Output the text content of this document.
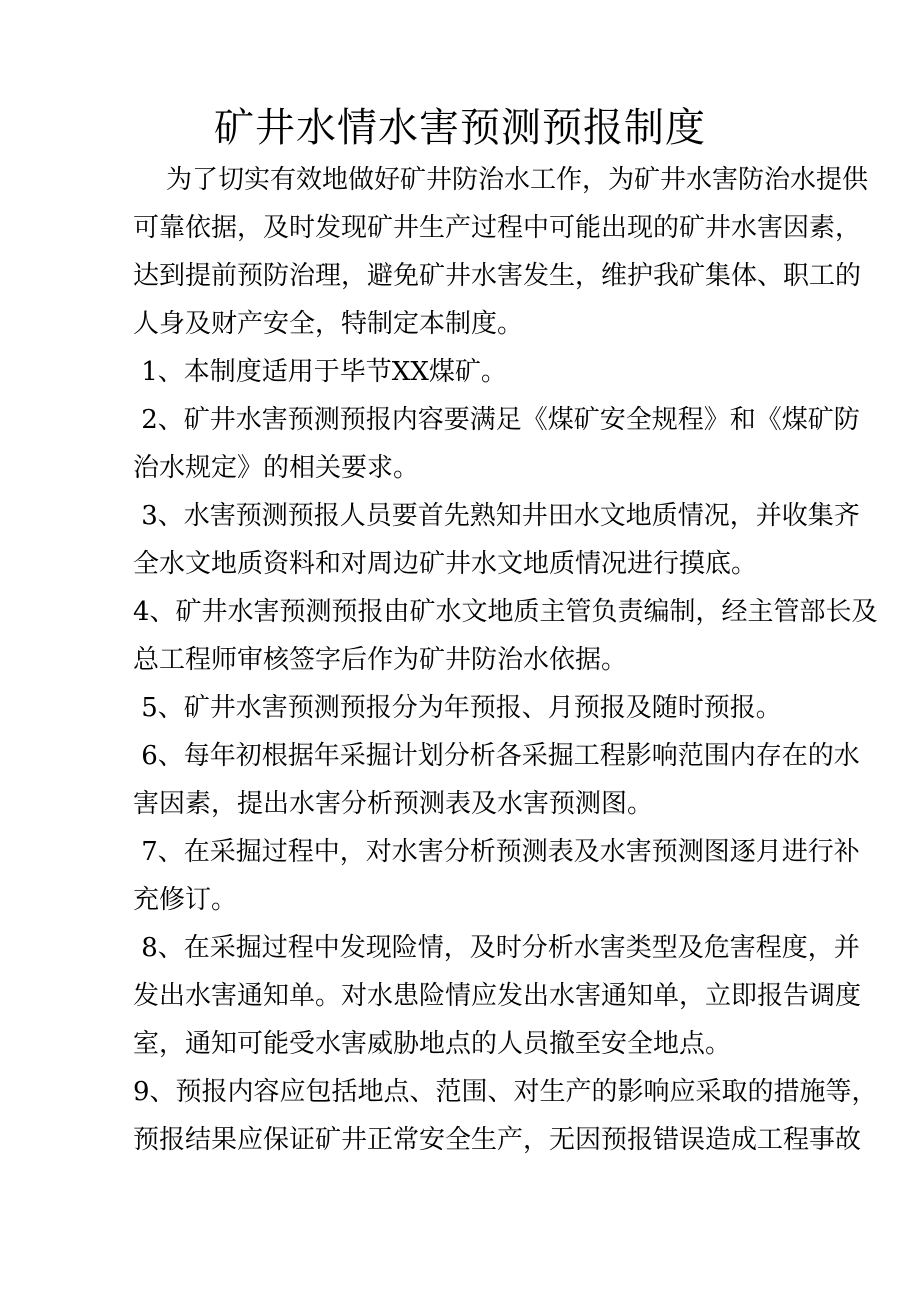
矿井水情水害预测预报制度
为了切实有效地做好矿井防治水工作，为矿井水害防治水提供
可靠依据，及时发现矿井生产过程中可能出现的矿井水害因素，
达到提前预防治理，避免矿井水害发生，维护我矿集体、职工的
人身及财产安全，特制定本制度。
1、本制度适用于毕节XX煤矿。
2、矿井水害预测预报内容要满足《煤矿安全规程》和《煤矿防
治水规定》的相关要求。
3、水害预测预报人员要首先熟知井田水文地质情况，并收集齐
全水文地质资料和对周边矿井水文地质情况进行摸底。
4、矿井水害预测预报由矿水文地质主管负责编制，经主管部长及
总工程师审核签字后作为矿井防治水依据。
5、矿井水害预测预报分为年预报、月预报及随时预报。
6、每年初根据年采掘计划分析各采掘工程影响范围内存在的水
害因素，提出水害分析预测表及水害预测图。
7、在采掘过程中，对水害分析预测表及水害预测图逐月进行补
充修订。
8、在采掘过程中发现险情，及时分析水害类型及危害程度，并
发出水害通知单。对水患险情应发出水害通知单，立即报告调度
室，通知可能受水害威胁地点的人员撤至安全地点。
9、预报内容应包括地点、范围、对生产的影响应采取的措施等，
预报结果应保证矿井正常安全生产，无因预报错误造成工程事故
